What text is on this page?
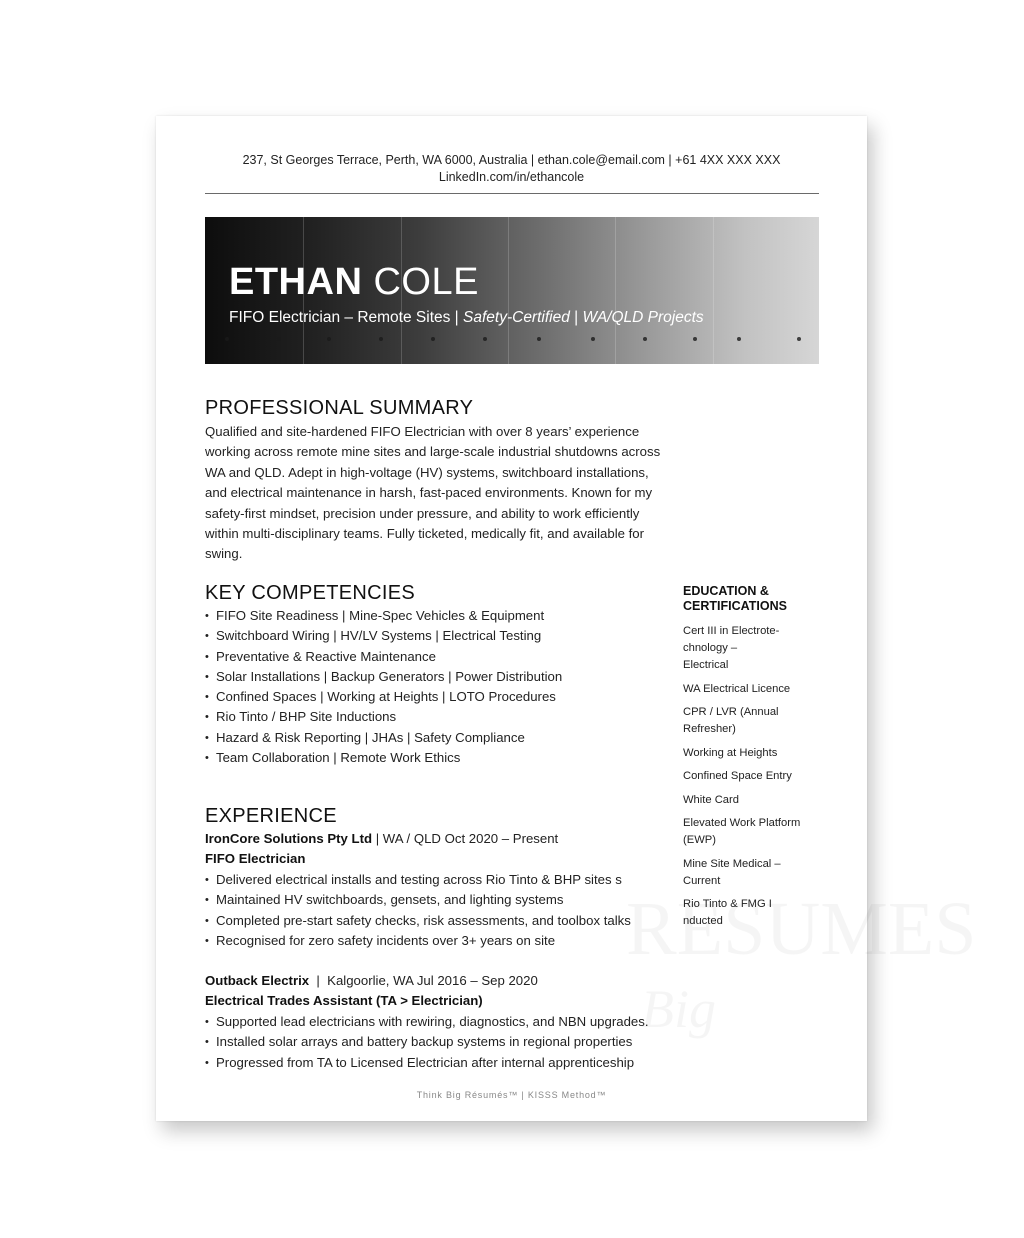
237, St Georges Terrace, Perth, WA 6000, Australia | ethan.cole@email.com | +61 4XX XXX XXX
LinkedIn.com/in/ethancole
ETHAN COLE
FIFO Electrician – Remote Sites | Safety-Certified | WA/QLD Projects
PROFESSIONAL SUMMARY
Qualified and site-hardened FIFO Electrician with over 8 years’ experience working across remote mine sites and large-scale industrial shutdowns across WA and QLD. Adept in high-voltage (HV) systems, switchboard installations, and electrical maintenance in harsh, fast-paced environments. Known for my safety-first mindset, precision under pressure, and ability to work efficiently within multi-disciplinary teams. Fully ticketed, medically fit, and available for swing.
KEY COMPETENCIES
• FIFO Site Readiness | Mine-Spec Vehicles & Equipment
• Switchboard Wiring | HV/LV Systems | Electrical Testing
• Preventative & Reactive Maintenance
• Solar Installations | Backup Generators | Power Distribution
• Confined Spaces | Working at Heights | LOTO Procedures
• Rio Tinto / BHP Site Inductions
• Hazard & Risk Reporting | JHAs | Safety Compliance
• Team Collaboration | Remote Work Ethics
EXPERIENCE
IronCore Solutions Pty Ltd | WA / QLD Oct 2020 – Present
FIFO Electrician
• Delivered electrical installs and testing across Rio Tinto & BHP sites s
• Maintained HV switchboards, gensets, and lighting systems
• Completed pre-start safety checks, risk assessments, and toolbox talks
• Recognised for zero safety incidents over 3+ years on site
Outback Electrix  |  Kalgoorlie, WA Jul 2016 – Sep 2020
Electrical Trades Assistant (TA > Electrician)
• Supported lead electricians with rewiring, diagnostics, and NBN upgrades.
• Installed solar arrays and battery backup systems in regional properties
• Progressed from TA to Licensed Electrician after internal apprenticeship
EDUCATION & CERTIFICATIONS
Cert III in Electrote-chnology – Electrical
WA Electrical Licence
CPR / LVR (Annual Refresher)
Working at Heights
Confined Space Entry
White Card
Elevated Work Platform (EWP)
Mine Site Medical – Current
Rio Tinto & FMG I nducted
Think Big Résumés™ | KISSS Method™
